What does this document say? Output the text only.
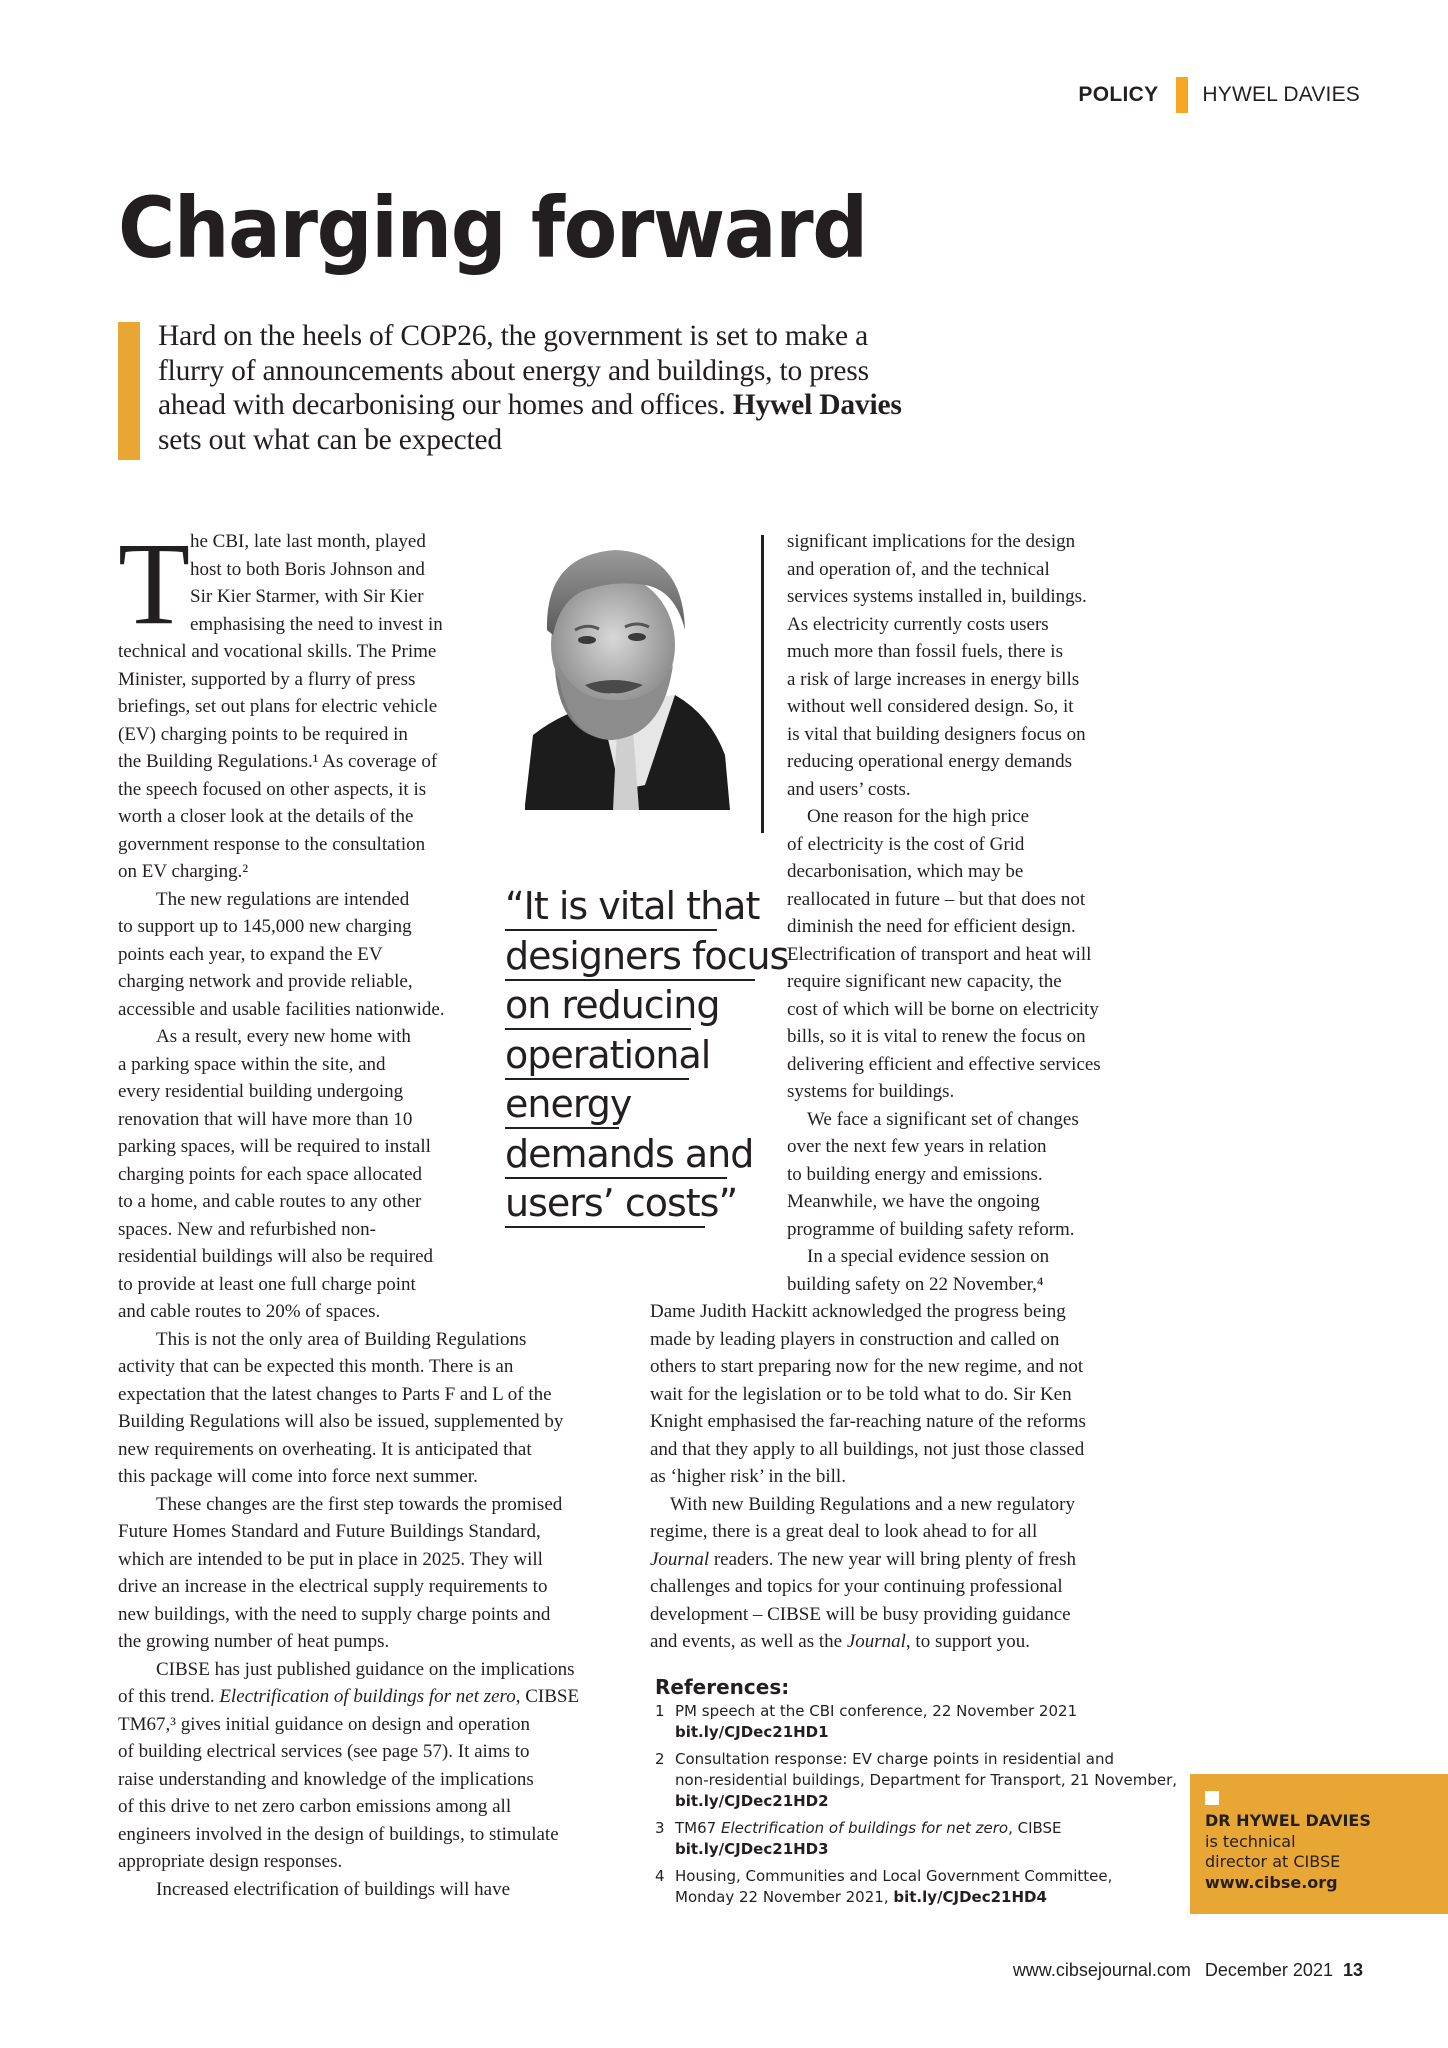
POLICY HYWEL DAVIES
Charging forward
Hard on the heels of COP26, the government is set to make a
flurry of announcements about energy and buildings, to press
ahead with decarbonising our homes and offices. Hywel Davies
sets out what can be expected
T he CBI, late last month, played
host to both Boris Johnson and
Sir Kier Starmer, with Sir Kier
emphasising the need to invest in
technical and vocational skills. The Prime
Minister, supported by a flurry of press
briefings, set out plans for electric vehicle
(EV) charging points to be required in
the Building Regulations.¹ As coverage of
the speech focused on other aspects, it is
worth a closer look at the details of the
government response to the consultation
on EV charging.²
The new regulations are intended
to support up to 145,000 new charging
points each year, to expand the EV
charging network and provide reliable,
accessible and usable facilities nationwide.
As a result, every new home with
a parking space within the site, and
every residential building undergoing
renovation that will have more than 10
parking spaces, will be required to install
charging points for each space allocated
to a home, and cable routes to any other
spaces. New and refurbished non-
residential buildings will also be required
to provide at least one full charge point
and cable routes to 20% of spaces.
This is not the only area of Building Regulations
activity that can be expected this month. There is an
expectation that the latest changes to Parts F and L of the
Building Regulations will also be issued, supplemented by
new requirements on overheating. It is anticipated that
this package will come into force next summer.
These changes are the first step towards the promised
Future Homes Standard and Future Buildings Standard,
which are intended to be put in place in 2025. They will
drive an increase in the electrical supply requirements to
new buildings, with the need to supply charge points and
the growing number of heat pumps.
CIBSE has just published guidance on the implications
of this trend. Electrification of buildings for net zero, CIBSE
TM67,³ gives initial guidance on design and operation
of building electrical services (see page 57). It aims to
raise understanding and knowledge of the implications
of this drive to net zero carbon emissions among all
engineers involved in the design of buildings, to stimulate
appropriate design responses.
Increased electrification of buildings will have
significant implications for the design
and operation of, and the technical
services systems installed in, buildings.
As electricity currently costs users
much more than fossil fuels, there is
a risk of large increases in energy bills
without well considered design. So, it
is vital that building designers focus on
reducing operational energy demands
and users’ costs.
One reason for the high price
of electricity is the cost of Grid
decarbonisation, which may be
reallocated in future – but that does not
diminish the need for efficient design.
Electrification of transport and heat will
require significant new capacity, the
cost of which will be borne on electricity
bills, so it is vital to renew the focus on
delivering efficient and effective services
systems for buildings.
We face a significant set of changes
over the next few years in relation
to building energy and emissions.
Meanwhile, we have the ongoing
programme of building safety reform.
In a special evidence session on
building safety on 22 November,⁴
Dame Judith Hackitt acknowledged the progress being
made by leading players in construction and called on
others to start preparing now for the new regime, and not
wait for the legislation or to be told what to do. Sir Ken
Knight emphasised the far-reaching nature of the reforms
and that they apply to all buildings, not just those classed
as ‘higher risk’ in the bill.
With new Building Regulations and a new regulatory
regime, there is a great deal to look ahead to for all
Journal readers. The new year will bring plenty of fresh
challenges and topics for your continuing professional
development – CIBSE will be busy providing guidance
and events, as well as the Journal, to support you.
“It is vital that
designers focus
on reducing
operational
energy
demands and
users’ costs”
References:
1 PM speech at the CBI conference, 22 November 2021
bit.ly/CJDec21HD1
2 Consultation response: EV charge points in residential and
non-residential buildings, Department for Transport, 21 November,
bit.ly/CJDec21HD2
3 TM67 Electrification of buildings for net zero, CIBSE
bit.ly/CJDec21HD3
4 Housing, Communities and Local Government Committee,
Monday 22 November 2021, bit.ly/CJDec21HD4
DR HYWEL DAVIES
is technical
director at CIBSE
www.cibse.org
www.cibsejournal.com December 2021 13
